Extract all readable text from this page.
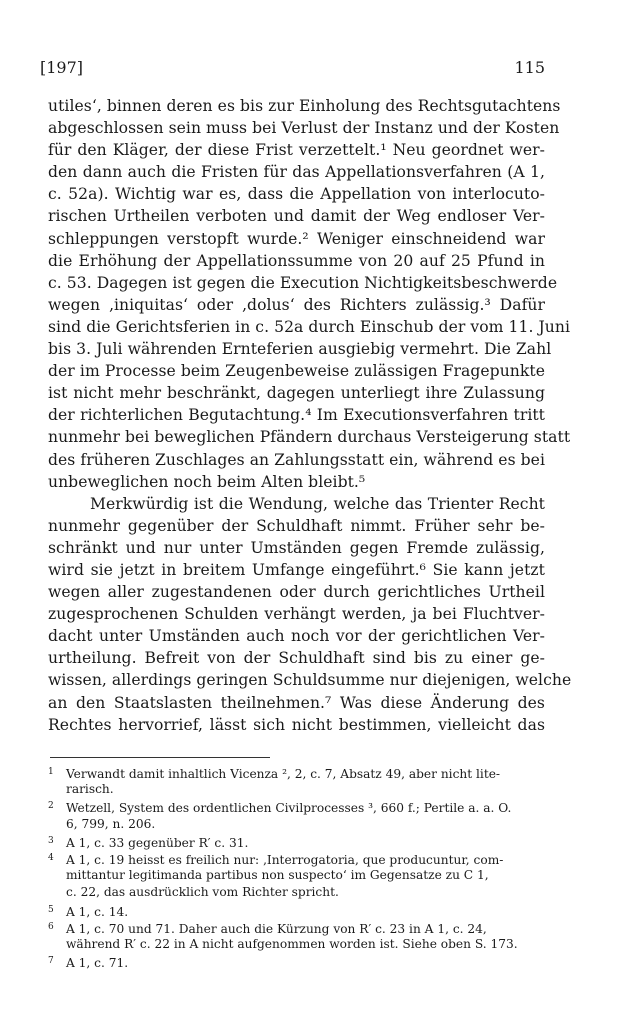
[197]	115
utiles‘, binnen deren es bis zur Einholung des Rechtsgutachtens
abgeschlossen sein muss bei Verlust der Instanz und der Kosten
für den Kläger, der diese Frist verzettelt.¹ Neu geordnet wer-
den dann auch die Fristen für das Appellationsverfahren (A 1,
c. 52a). Wichtig war es, dass die Appellation von interlocuto-
rischen Urtheilen verboten und damit der Weg endloser Ver-
schleppungen verstopft wurde.² Weniger einschneidend war
die Erhöhung der Appellationssumme von 20 auf 25 Pfund in
c. 53. Dagegen ist gegen die Execution Nichtigkeitsbeschwerde
wegen ‚iniquitas‘ oder ‚dolus‘ des Richters zulässig.³ Dafür
sind die Gerichtsferien in c. 52a durch Einschub der vom 11. Juni
bis 3. Juli währenden Ernteferien ausgiebig vermehrt. Die Zahl
der im Processe beim Zeugenbeweise zulässigen Fragepunkte
ist nicht mehr beschränkt, dagegen unterliegt ihre Zulassung
der richterlichen Begutachtung.⁴ Im Executionsverfahren tritt
nunmehr bei beweglichen Pfändern durchaus Versteigerung statt
des früheren Zuschlages an Zahlungsstatt ein, während es bei
unbeweglichen noch beim Alten bleibt.⁵
Merkwürdig ist die Wendung, welche das Trienter Recht
nunmehr gegenüber der Schuldhaft nimmt. Früher sehr be-
schränkt und nur unter Umständen gegen Fremde zulässig,
wird sie jetzt in breitem Umfange eingeführt.⁶ Sie kann jetzt
wegen aller zugestandenen oder durch gerichtliches Urtheil
zugesprochenen Schulden verhängt werden, ja bei Fluchtver-
dacht unter Umständen auch noch vor der gerichtlichen Ver-
urtheilung. Befreit von der Schuldhaft sind bis zu einer ge-
wissen, allerdings geringen Schuldsumme nur diejenigen, welche
an den Staatslasten theilnehmen.⁷ Was diese Änderung des
Rechtes hervorrief, lässt sich nicht bestimmen, vielleicht das
1 Verwandt damit inhaltlich Vicenza ², 2, c. 7, Absatz 49, aber nicht lite-
rarisch.
2 Wetzell, System des ordentlichen Civilprocesses ³, 660 f.; Pertile a. a. O.
6, 799, n. 206.
3 A 1, c. 33 gegenüber R′ c. 31.
4 A 1, c. 19 heisst es freilich nur: ‚Interrogatoria, que producuntur, com-
mittantur legitimanda partibus non suspecto‘ im Gegensatze zu C 1,
c. 22, das ausdrücklich vom Richter spricht.
5 A 1, c. 14.
6 A 1, c. 70 und 71. Daher auch die Kürzung von R′ c. 23 in A 1, c. 24,
während R′ c. 22 in A nicht aufgenommen worden ist. Siehe oben S. 173.
7 A 1, c. 71.
